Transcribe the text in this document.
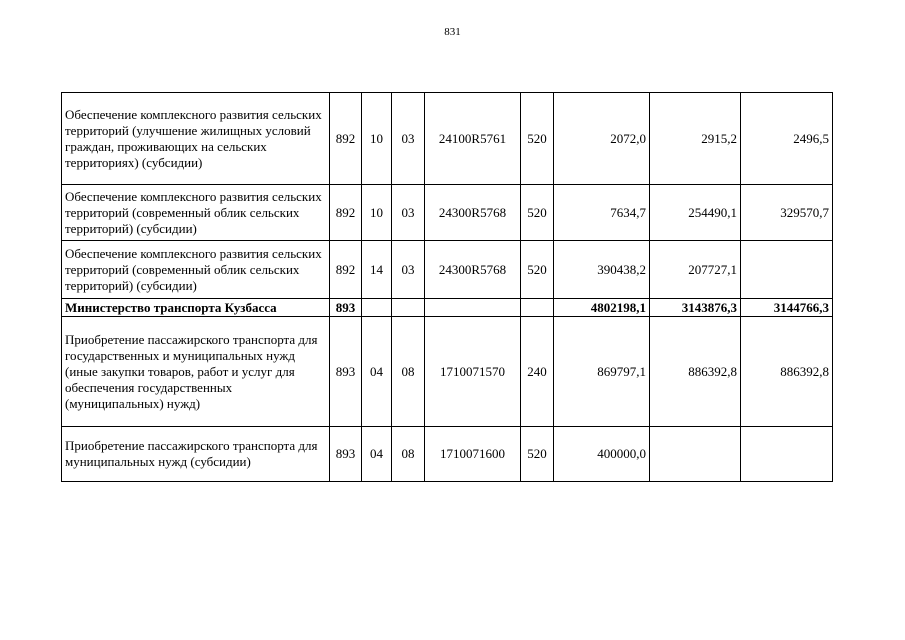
831
Обеспечение комплексного развития сельских территорий (улучшение жилищных условий граждан, проживающих на сельских территориях) (субсидии)	892	10	03	24100R5761	520	2072,0	2915,2	2496,5
Обеспечение комплексного развития сельских территорий (современный облик сельских территорий) (субсидии)	892	10	03	24300R5768	520	7634,7	254490,1	329570,7
Обеспечение комплексного развития сельских территорий (современный облик сельских территорий) (субсидии)	892	14	03	24300R5768	520	390438,2	207727,1	
Министерство транспорта Кузбасса	893					4802198,1	3143876,3	3144766,3
Приобретение пассажирского транспорта для государственных и муниципальных нужд (иные закупки товаров, работ и услуг для обеспечения государственных (муниципальных) нужд)	893	04	08	1710071570	240	869797,1	886392,8	886392,8
Приобретение пассажирского транспорта для муниципальных нужд (субсидии)	893	04	08	1710071600	520	400000,0		
